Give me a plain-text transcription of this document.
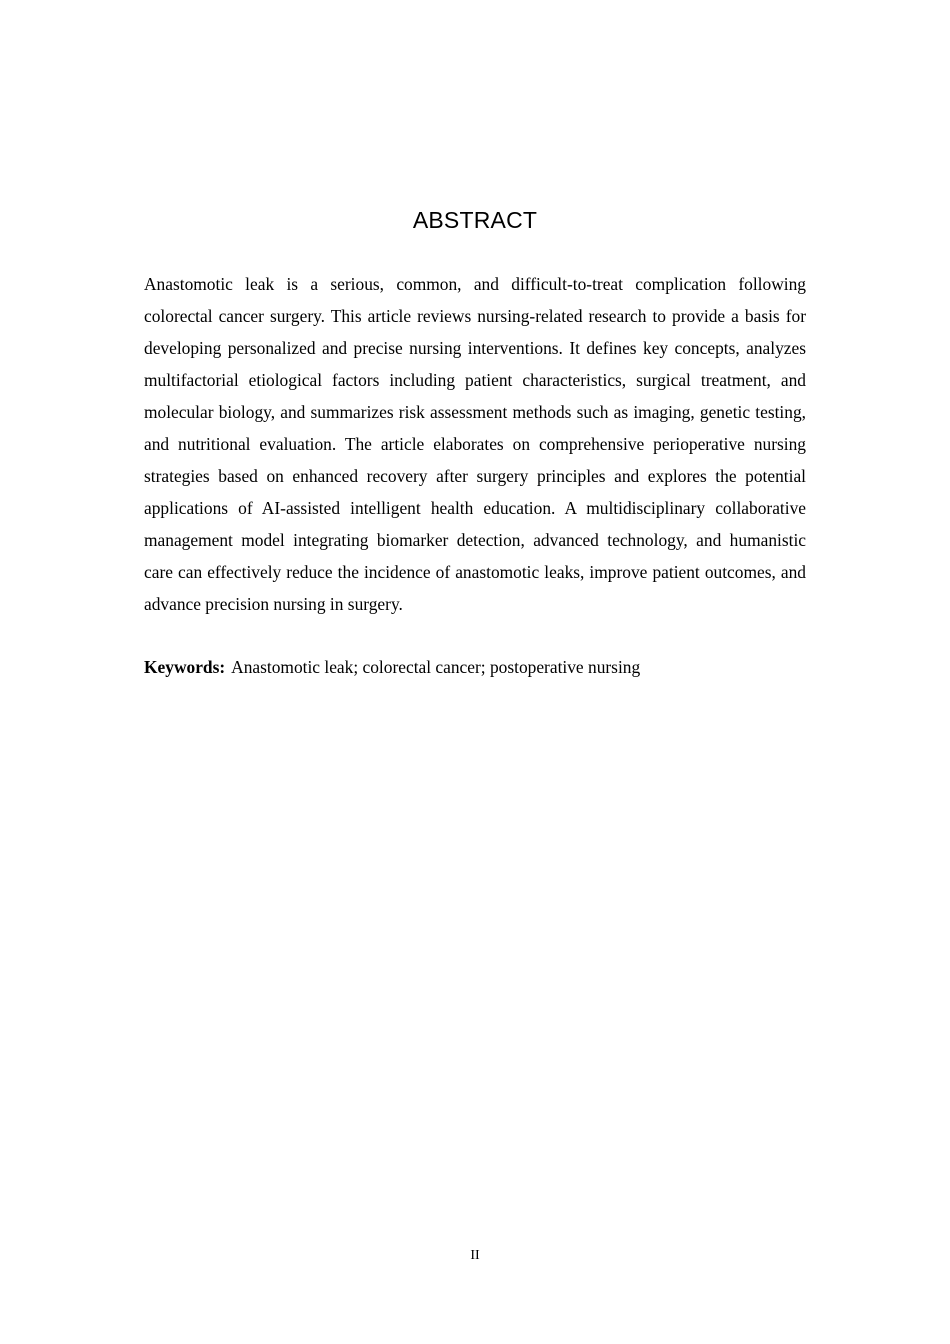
ABSTRACT

Anastomotic leak is a serious, common, and difficult-to-treat complication following colorectal cancer surgery. This article reviews nursing-related research to provide a basis for developing personalized and precise nursing interventions. It defines key concepts, analyzes multifactorial etiological factors including patient characteristics, surgical treatment, and molecular biology, and summarizes risk assessment methods such as imaging, genetic testing, and nutritional evaluation. The article elaborates on comprehensive perioperative nursing strategies based on enhanced recovery after surgery principles and explores the potential applications of AI-assisted intelligent health education. A multidisciplinary collaborative management model integrating biomarker detection, advanced technology, and humanistic care can effectively reduce the incidence of anastomotic leaks, improve patient outcomes, and advance precision nursing in surgery.

Keywords: Anastomotic leak; colorectal cancer; postoperative nursing

II
